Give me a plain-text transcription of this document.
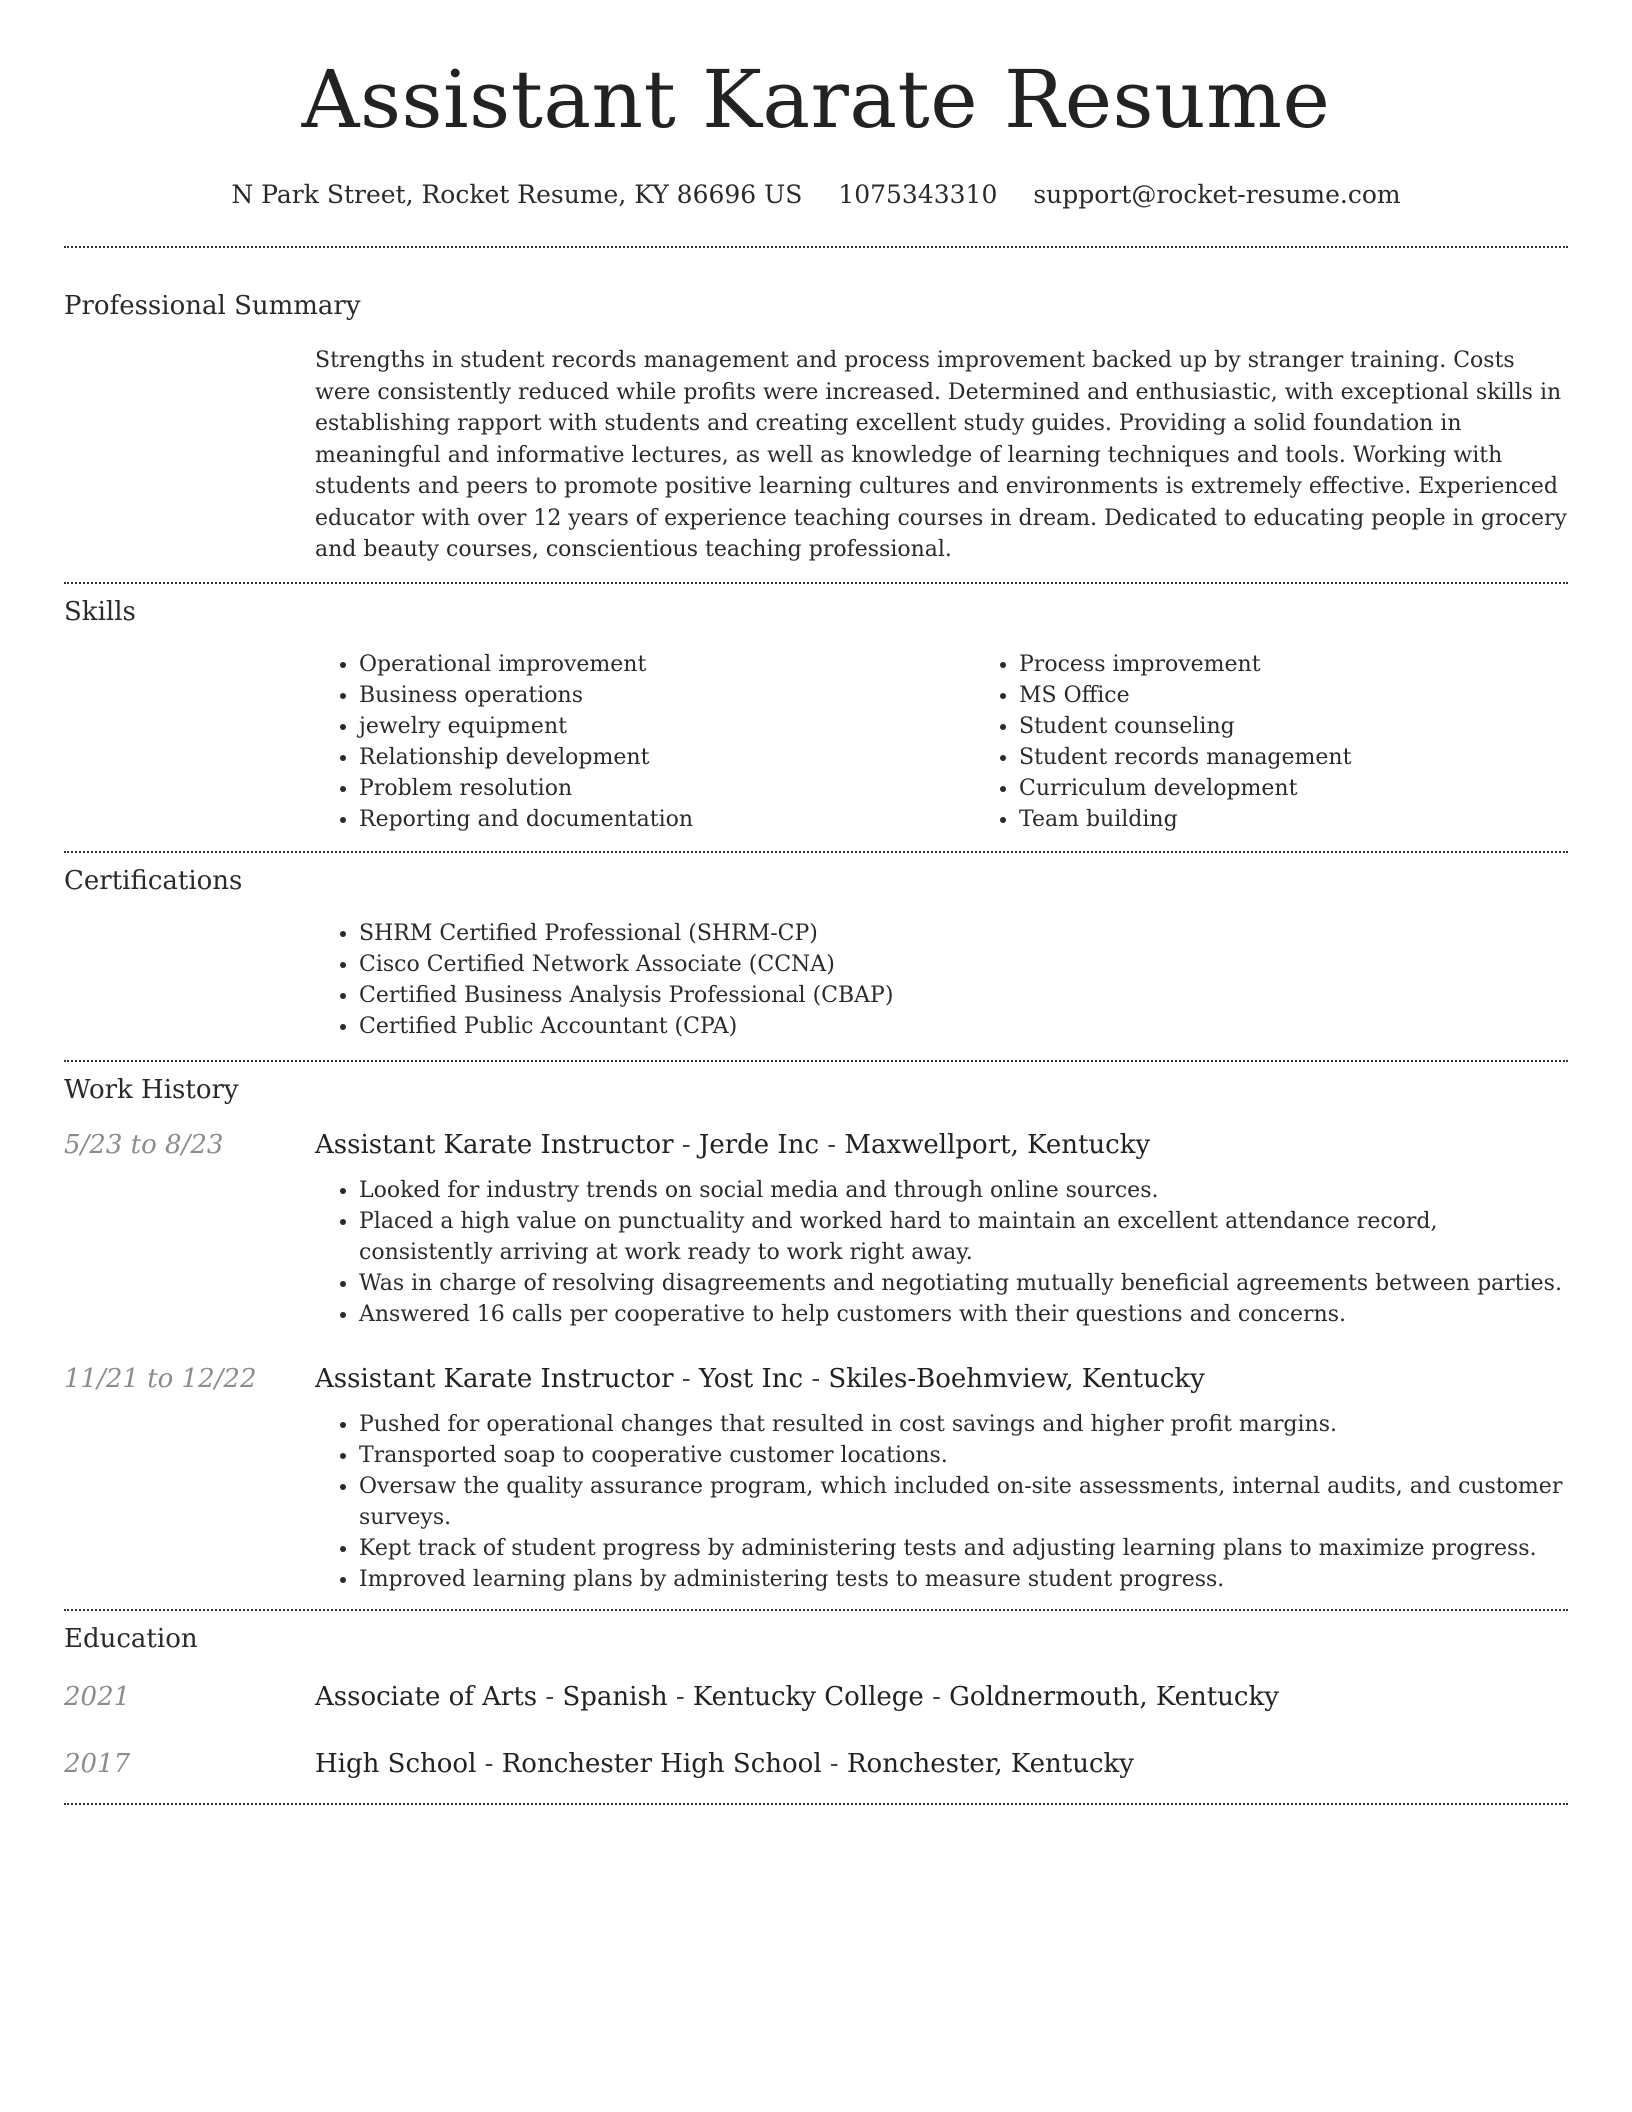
Assistant Karate Resume
N Park Street, Rocket Resume, KY 86696 US 1075343310 support@rocket-resume.com
Professional Summary

Strengths in student records management and process improvement backed up by stranger training. Costs were consistently reduced while profits were increased. Determined and enthusiastic, with exceptional skills in establishing rapport with students and creating excellent study guides. Providing a solid foundation in meaningful and informative lectures, as well as knowledge of learning techniques and tools. Working with students and peers to promote positive learning cultures and environments is extremely effective. Experienced educator with over 12 years of experience teaching courses in dream. Dedicated to educating people in grocery and beauty courses, conscientious teaching professional.

Skills
• Operational improvement
• Business operations
• jewelry equipment
• Relationship development
• Problem resolution
• Reporting and documentation
• Process improvement
• MS Office
• Student counseling
• Student records management
• Curriculum development
• Team building
Certifications
• SHRM Certified Professional (SHRM-CP)
• Cisco Certified Network Associate (CCNA)
• Certified Business Analysis Professional (CBAP)
• Certified Public Accountant (CPA)
Work History
5/23 to 8/23	Assistant Karate Instructor - Jerde Inc - Maxwellport, Kentucky
• Looked for industry trends on social media and through online sources.
• Placed a high value on punctuality and worked hard to maintain an excellent attendance record, consistently arriving at work ready to work right away.
• Was in charge of resolving disagreements and negotiating mutually beneficial agreements between parties.
• Answered 16 calls per cooperative to help customers with their questions and concerns.
11/21 to 12/22	Assistant Karate Instructor - Yost Inc - Skiles-Boehmview, Kentucky
• Pushed for operational changes that resulted in cost savings and higher profit margins.
• Transported soap to cooperative customer locations.
• Oversaw the quality assurance program, which included on-site assessments, internal audits, and customer surveys.
• Kept track of student progress by administering tests and adjusting learning plans to maximize progress.
• Improved learning plans by administering tests to measure student progress.
Education
2021	Associate of Arts - Spanish - Kentucky College - Goldnermouth, Kentucky
2017	High School - Ronchester High School - Ronchester, Kentucky
